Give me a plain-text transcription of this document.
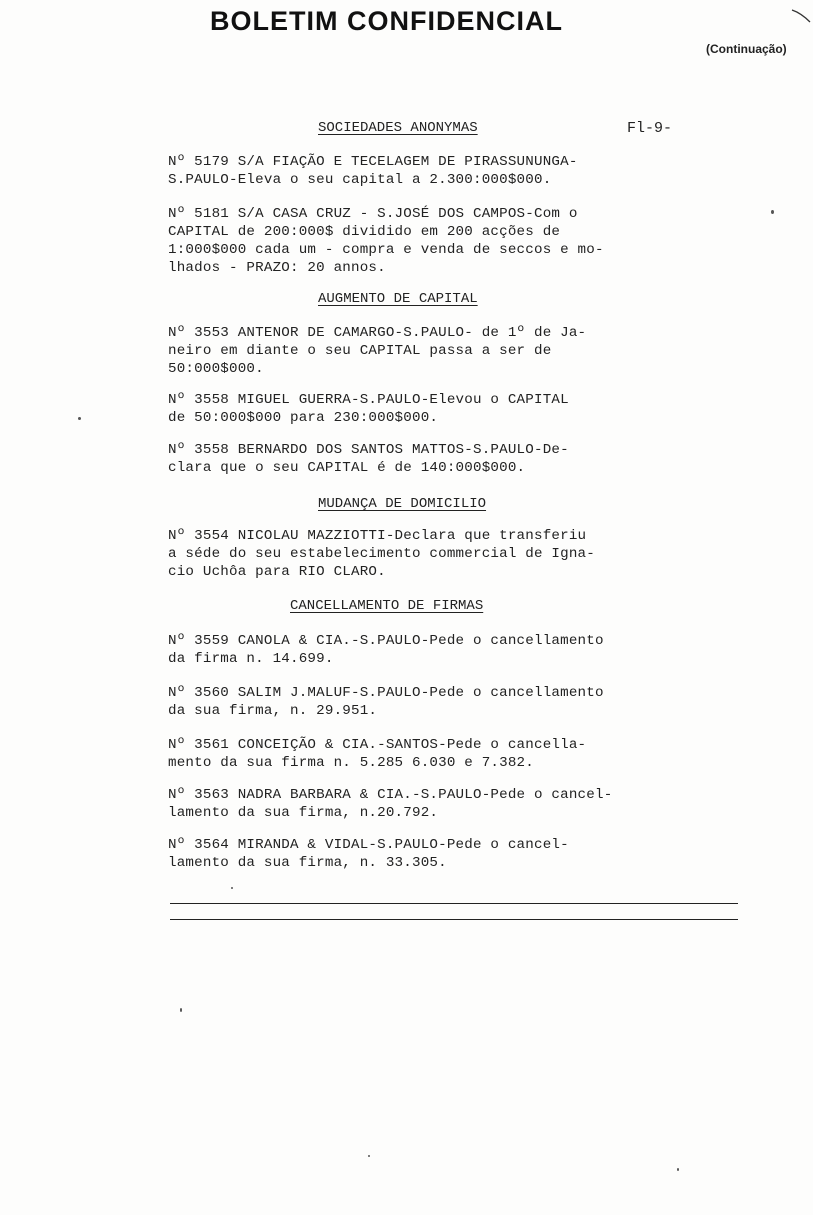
BOLETIM CONFIDENCIAL
(Continuação)
Fl-9-
SOCIEDADES ANONYMAS
Nº 5179 S/A FIAÇÃO E TECELAGEM DE PIRASSUNUNGA-
S.PAULO-Eleva o seu capital a 2.300:000$000.
Nº 5181 S/A CASA CRUZ - S.JOSÉ DOS CAMPOS-Com o
CAPITAL de 200:000$ dividido em 200 acções de
1:000$000 cada um - compra e venda de seccos e mo-
lhados - PRAZO: 20 annos.
AUGMENTO DE CAPITAL
Nº 3553 ANTENOR DE CAMARGO-S.PAULO- de 1º de Ja-
neiro em diante o seu CAPITAL passa a ser de
50:000$000.
Nº 3558 MIGUEL GUERRA-S.PAULO-Elevou o CAPITAL
de 50:000$000 para 230:000$000.
Nº 3558 BERNARDO DOS SANTOS MATTOS-S.PAULO-De-
clara que o seu CAPITAL é de 140:000$000.
MUDANÇA DE DOMICILIO
Nº 3554 NICOLAU MAZZIOTTI-Declara que transferiu
a séde do seu estabelecimento commercial de Igna-
cio Uchôa para RIO CLARO.
CANCELLAMENTO DE FIRMAS
Nº 3559 CANOLA & CIA.-S.PAULO-Pede o cancellamento
da firma n. 14.699.
Nº 3560 SALIM J.MALUF-S.PAULO-Pede o cancellamento
da sua firma, n. 29.951.
Nº 3561 CONCEIÇÃO & CIA.-SANTOS-Pede o cancella-
mento da sua firma n. 5.285 6.030 e 7.382.
Nº 3563 NADRA BARBARA & CIA.-S.PAULO-Pede o cancel-
lamento da sua firma, n.20.792.
Nº 3564 MIRANDA & VIDAL-S.PAULO-Pede o cancel-
lamento da sua firma, n. 33.305.
